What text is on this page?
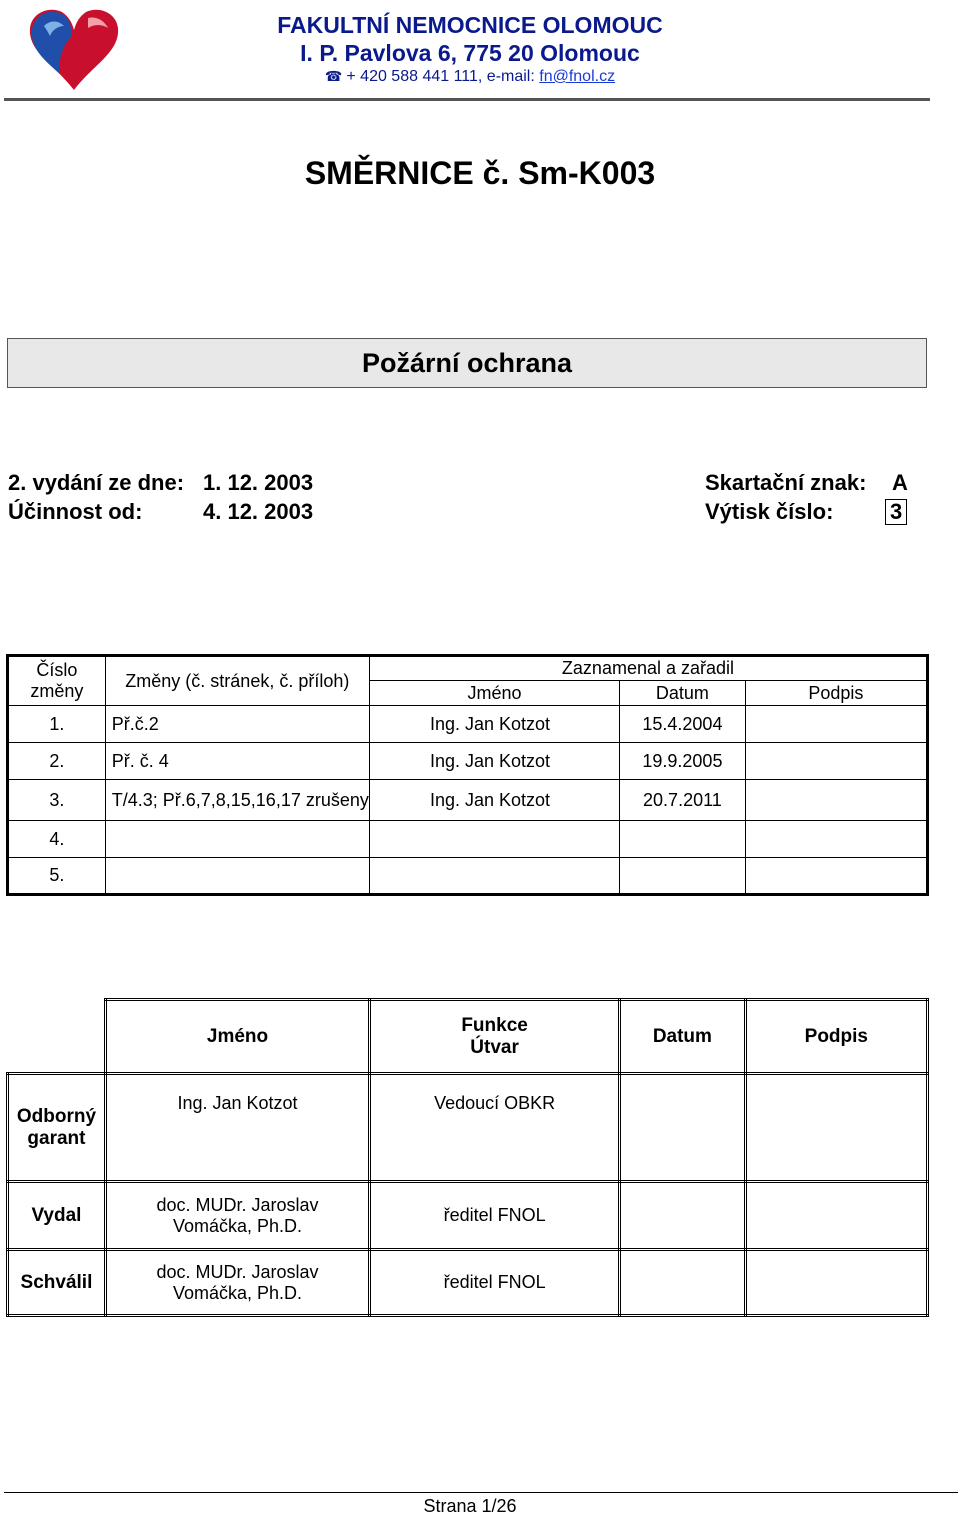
FAKULTNÍ NEMOCNICE OLOMOUC
I. P. Pavlova 6, 775 20 Olomouc
☎ + 420 588 441 111, e-mail: fn@fnol.cz
SMĚRNICE č. Sm-K003
Požární ochrana
2. vydání ze dne: 1. 12. 2003
Účinnost od:	4. 12. 2003
Skartační znak: A
Výtisk číslo:	3
Číslo změny	Změny (č. stránek, č. příloh)	Zaznamenal a zařadil		
		Jméno	Datum	Podpis
1.	Př.č.2	Ing. Jan Kotzot	15.4.2004	
2.	Př. č. 4	Ing. Jan Kotzot	19.9.2005	
3.	T/4.3; Př.6,7,8,15,16,17 zrušeny	Ing. Jan Kotzot	20.7.2011	
4.				
5.				
	Jméno	Funkce Útvar	Datum	Podpis
Odborný garant	Ing. Jan Kotzot	Vedoucí OBKR		
Vydal	doc. MUDr. Jaroslav Vomáčka, Ph.D.	ředitel FNOL		
Schválil	doc. MUDr. Jaroslav Vomáčka, Ph.D.	ředitel FNOL		
Strana 1/26
